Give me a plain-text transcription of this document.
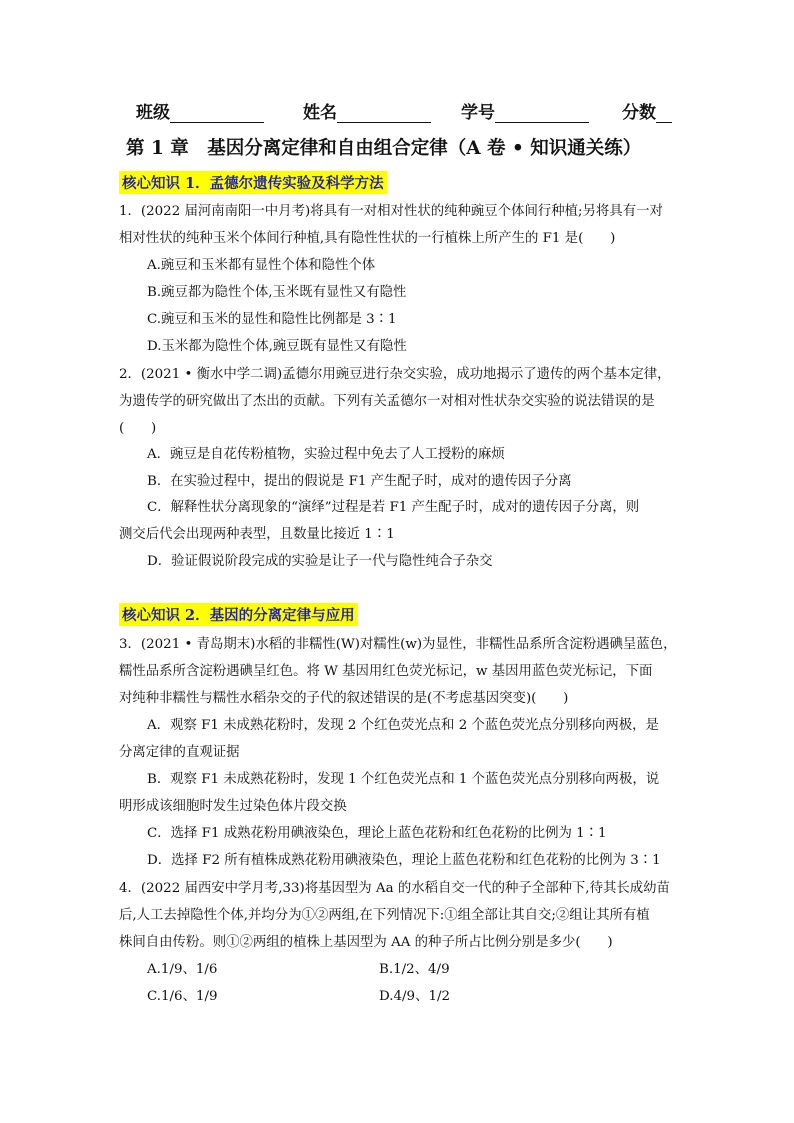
班级	姓名	学号	分数
第 1 章　基因分离定律和自由组合定律（A 卷 • 知识通关练）
核心知识 1．孟德尔遗传实验及科学方法
1．(2022 届河南南阳一中月考)将具有一对相对性状的纯种豌豆个体间行种植;另将具有一对
相对性状的纯种玉米个体间行种植,具有隐性性状的一行植株上所产生的 F1 是(　　)
A.豌豆和玉米都有显性个体和隐性个体
B.豌豆都为隐性个体,玉米既有显性又有隐性
C.豌豆和玉米的显性和隐性比例都是 3∶1
D.玉米都为隐性个体,豌豆既有显性又有隐性
2．(2021 • 衡水中学二调)孟德尔用豌豆进行杂交实验，成功地揭示了遗传的两个基本定律，
为遗传学的研究做出了杰出的贡献。下列有关孟德尔一对相对性状杂交实验的说法错误的是
(　　)
A．豌豆是自花传粉植物，实验过程中免去了人工授粉的麻烦
B．在实验过程中，提出的假说是 F1 产生配子时，成对的遗传因子分离
C．解释性状分离现象的“演绎”过程是若 F1 产生配子时，成对的遗传因子分离，则
测交后代会出现两种表型，且数量比接近 1∶1
D．验证假说阶段完成的实验是让子一代与隐性纯合子杂交
核心知识 2．基因的分离定律与应用
3．(2021 • 青岛期末)水稻的非糯性(W)对糯性(w)为显性，非糯性品系所含淀粉遇碘呈蓝色，
糯性品系所含淀粉遇碘呈红色。将 W 基因用红色荧光标记，w 基因用蓝色荧光标记，下面
对纯种非糯性与糯性水稻杂交的子代的叙述错误的是(不考虑基因突变)(　　)
A．观察 F1 未成熟花粉时，发现 2 个红色荧光点和 2 个蓝色荧光点分别移向两极，是
分离定律的直观证据
B．观察 F1 未成熟花粉时，发现 1 个红色荧光点和 1 个蓝色荧光点分别移向两极，说
明形成该细胞时发生过染色体片段交换
C．选择 F1 成熟花粉用碘液染色，理论上蓝色花粉和红色花粉的比例为 1∶1
D．选择 F2 所有植株成熟花粉用碘液染色，理论上蓝色花粉和红色花粉的比例为 3∶1
4．(2022 届西安中学月考,33)将基因型为 Aa 的水稻自交一代的种子全部种下,待其长成幼苗
后,人工去掉隐性个体,并均分为①②两组,在下列情况下:①组全部让其自交;②组让其所有植
株间自由传粉。则①②两组的植株上基因型为 AA 的种子所占比例分别是多少(　　)
A.1/9、1/6	B.1/2、4/9
C.1/6、1/9	D.4/9、1/2
